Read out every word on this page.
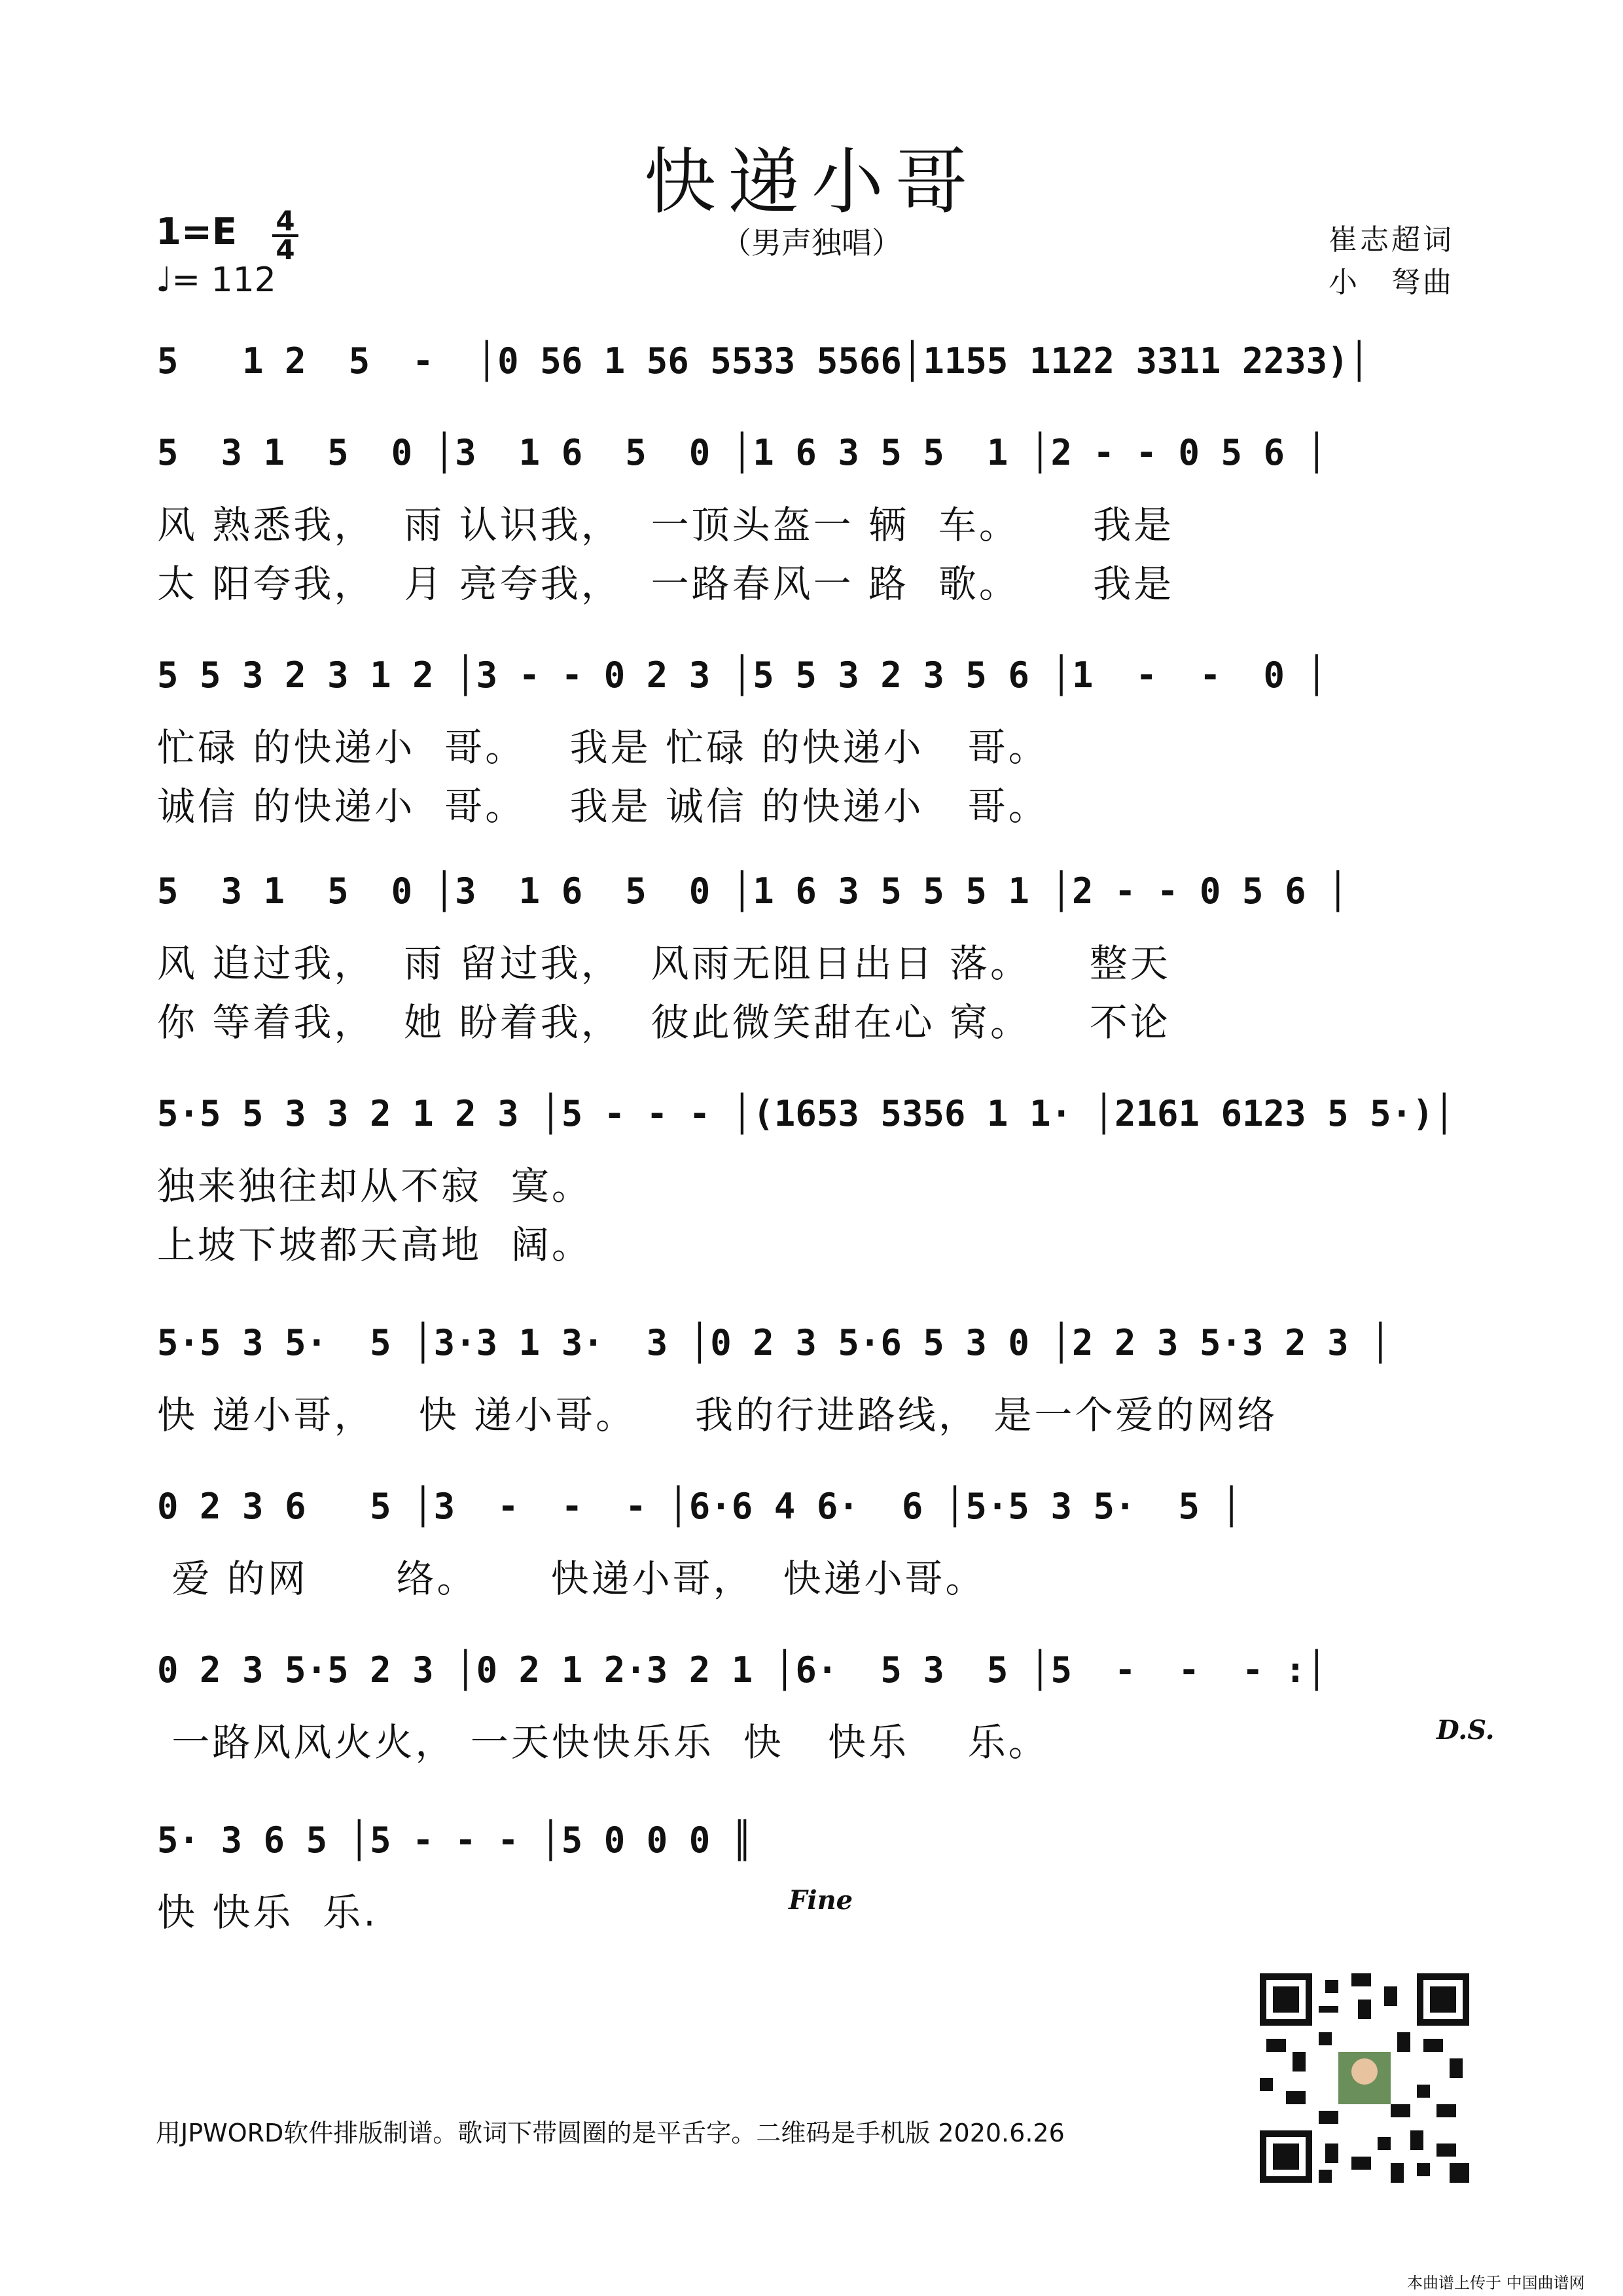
快递小哥
（男声独唱）
1=E 4
4
♩= 112
崔志超词
小　弩曲
5   1 2  5  -  │0 56 1 56 5533 5566│1155 1122 3311 2233)│
5  3 1  5  0 │3  1 6  5  0 │1 6 3 5 5  1 │2 - - 0 5 6 │
风 熟悉我，  雨 认识我，  一顶头盔一 辆  车。     我是
太 阳夸我，  月 亮夸我，  一路春风一 路  歌。     我是
5 5 3 2 3 1 2 │3 - - 0 2 3 │5 5 3 2 3 5 6 │1  -  -  0 │
忙碌 的快递小  哥。   我是 忙碌 的快递小   哥。
诚信 的快递小  哥。   我是 诚信 的快递小   哥。
5  3 1  5  0 │3  1 6  5  0 │1 6 3 5 5 5 1 │2 - - 0 5 6 │
风 追过我，  雨 留过我，  风雨无阻日出日 落。    整天
你 等着我，  她 盼着我，  彼此微笑甜在心 窝。    不论
5·5 5 3 3 2 1 2 3 │5 - - - │(1653 5356 1 1· │2161 6123 5 5·)│
独来独往却从不寂  寞。
上坡下坡都天高地  阔。
5·5 3 5·  5 │3·3 1 3·  3 │0 2 3 5·6 5 3 0 │2 2 3 5·3 2 3 │
快 递小哥，   快 递小哥。    我的行进路线， 是一个爱的网络
0 2 3 6   5 │3  -  -  - │6·6 4 6·  6 │5·5 3 5·  5 │
爱 的网      络。     快递小哥，  快递小哥。
0 2 3 5·5 2 3 │0 2 1 2·3 2 1 │6·  5 3  5 │5  -  -  - :│
一路风风火火， 一天快快乐乐  快   快乐    乐。	D.S.
5· 3 6 5 │5 - - - │5 0 0 0 ║
快 快乐  乐.	Fine
用JPWORD软件排版制谱。歌词下带圆圈的是平舌字。二维码是手机版 2020.6.26
本曲谱上传于 中国曲谱网
